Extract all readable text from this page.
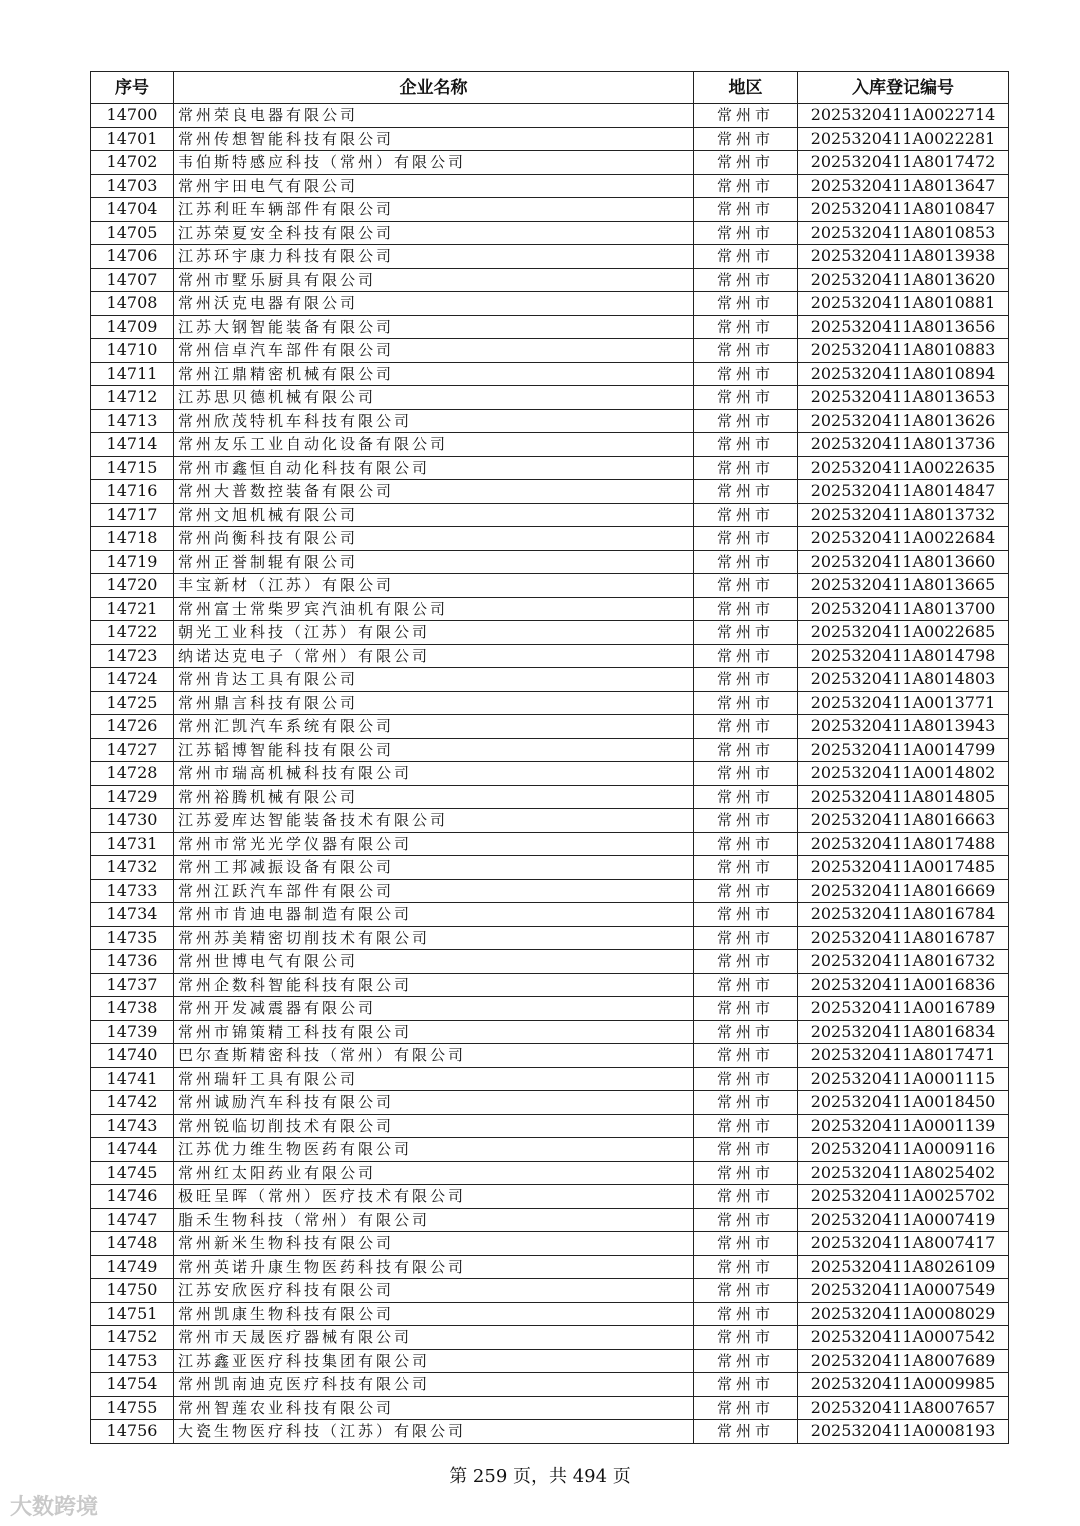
序号	企业名称	地区	入库登记编号
14700	常州荣良电器有限公司	常州市	2025320411A0022714
14701	常州传想智能科技有限公司	常州市	2025320411A0022281
14702	韦伯斯特感应科技（常州）有限公司	常州市	2025320411A8017472
14703	常州宇田电气有限公司	常州市	2025320411A8013647
14704	江苏利旺车辆部件有限公司	常州市	2025320411A8010847
14705	江苏荣夏安全科技有限公司	常州市	2025320411A8010853
14706	江苏环宇康力科技有限公司	常州市	2025320411A8013938
14707	常州市墅乐厨具有限公司	常州市	2025320411A8013620
14708	常州沃克电器有限公司	常州市	2025320411A8010881
14709	江苏大钢智能装备有限公司	常州市	2025320411A8013656
14710	常州信卓汽车部件有限公司	常州市	2025320411A8010883
14711	常州江鼎精密机械有限公司	常州市	2025320411A8010894
14712	江苏思贝德机械有限公司	常州市	2025320411A8013653
14713	常州欣茂特机车科技有限公司	常州市	2025320411A8013626
14714	常州友乐工业自动化设备有限公司	常州市	2025320411A8013736
14715	常州市鑫恒自动化科技有限公司	常州市	2025320411A0022635
14716	常州大普数控装备有限公司	常州市	2025320411A8014847
14717	常州文旭机械有限公司	常州市	2025320411A8013732
14718	常州尚衡科技有限公司	常州市	2025320411A0022684
14719	常州正誉制辊有限公司	常州市	2025320411A8013660
14720	丰宝新材（江苏）有限公司	常州市	2025320411A8013665
14721	常州富士常柴罗宾汽油机有限公司	常州市	2025320411A8013700
14722	朝光工业科技（江苏）有限公司	常州市	2025320411A0022685
14723	纳诺达克电子（常州）有限公司	常州市	2025320411A8014798
14724	常州肯达工具有限公司	常州市	2025320411A8014803
14725	常州鼎言科技有限公司	常州市	2025320411A0013771
14726	常州汇凯汽车系统有限公司	常州市	2025320411A8013943
14727	江苏韬博智能科技有限公司	常州市	2025320411A0014799
14728	常州市瑞高机械科技有限公司	常州市	2025320411A0014802
14729	常州裕腾机械有限公司	常州市	2025320411A8014805
14730	江苏爱库达智能装备技术有限公司	常州市	2025320411A8016663
14731	常州市常光光学仪器有限公司	常州市	2025320411A8017488
14732	常州工邦减振设备有限公司	常州市	2025320411A0017485
14733	常州江跃汽车部件有限公司	常州市	2025320411A8016669
14734	常州市肯迪电器制造有限公司	常州市	2025320411A8016784
14735	常州苏美精密切削技术有限公司	常州市	2025320411A8016787
14736	常州世博电气有限公司	常州市	2025320411A8016732
14737	常州企数科智能科技有限公司	常州市	2025320411A0016836
14738	常州开发减震器有限公司	常州市	2025320411A0016789
14739	常州市锦策精工科技有限公司	常州市	2025320411A8016834
14740	巴尔查斯精密科技（常州）有限公司	常州市	2025320411A8017471
14741	常州瑞轩工具有限公司	常州市	2025320411A0001115
14742	常州诚励汽车科技有限公司	常州市	2025320411A0018450
14743	常州锐临切削技术有限公司	常州市	2025320411A0001139
14744	江苏优力维生物医药有限公司	常州市	2025320411A0009116
14745	常州红太阳药业有限公司	常州市	2025320411A8025402
14746	极旺呈晖（常州）医疗技术有限公司	常州市	2025320411A0025702
14747	脂禾生物科技（常州）有限公司	常州市	2025320411A0007419
14748	常州新米生物科技有限公司	常州市	2025320411A8007417
14749	常州英诺升康生物医药科技有限公司	常州市	2025320411A8026109
14750	江苏安欣医疗科技有限公司	常州市	2025320411A0007549
14751	常州凯康生物科技有限公司	常州市	2025320411A0008029
14752	常州市天晟医疗器械有限公司	常州市	2025320411A0007542
14753	江苏鑫亚医疗科技集团有限公司	常州市	2025320411A8007689
14754	常州凯南迪克医疗科技有限公司	常州市	2025320411A0009985
14755	常州智莲农业科技有限公司	常州市	2025320411A8007657
14756	大瓷生物医疗科技（江苏）有限公司	常州市	2025320411A0008193
第 259 页，共 494 页
大数跨境
